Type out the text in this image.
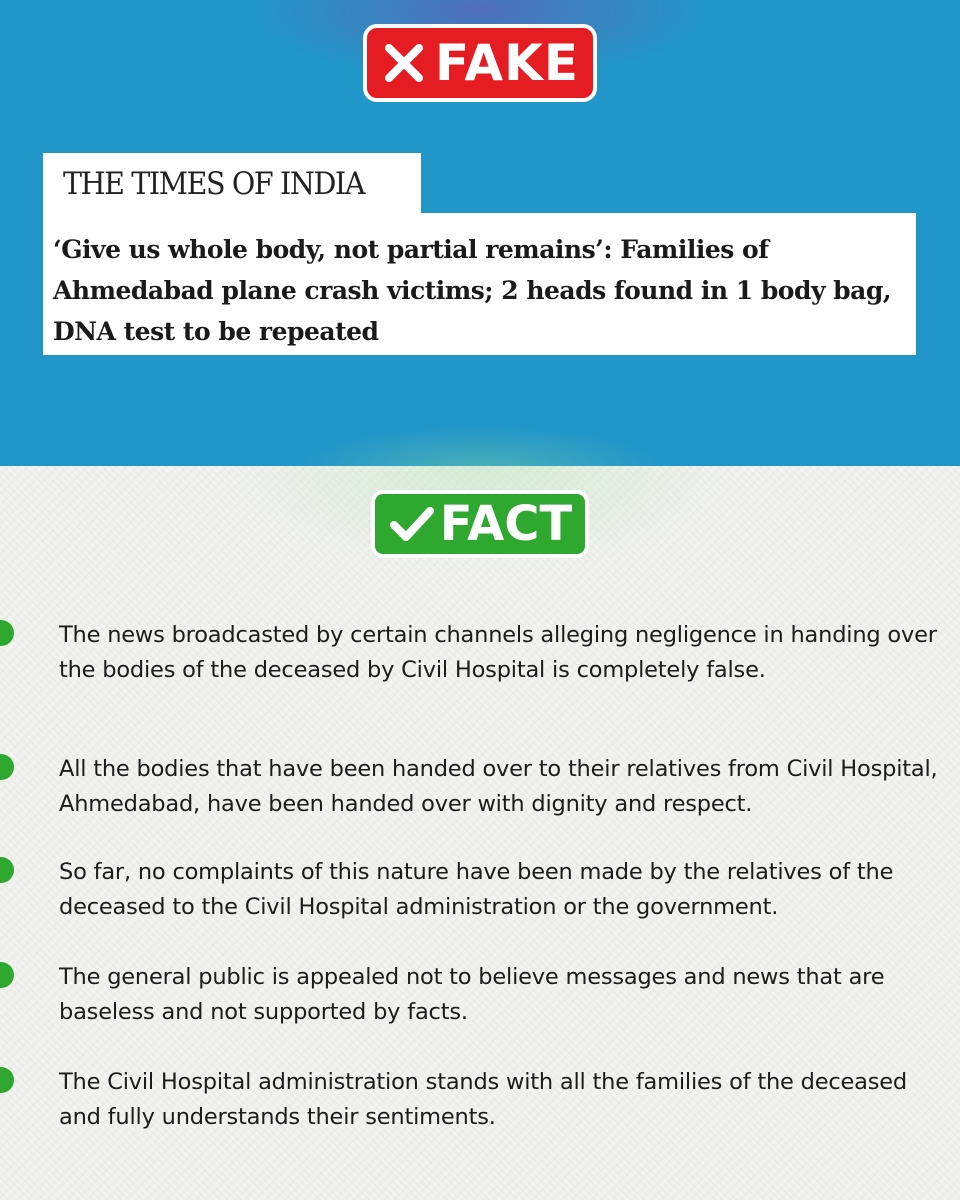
FAKE
THE TIMES OF INDIA

‘Give us whole body, not partial remains’: Families of Ahmedabad plane crash victims; 2 heads found in 1 body bag, DNA test to be repeated

FACT

The news broadcasted by certain channels alleging negligence in handing over the bodies of the deceased by Civil Hospital is completely false.

All the bodies that have been handed over to their relatives from Civil Hospital, Ahmedabad, have been handed over with dignity and respect.

So far, no complaints of this nature have been made by the relatives of the deceased to the Civil Hospital administration or the government.

The general public is appealed not to believe messages and news that are baseless and not supported by facts.

The Civil Hospital administration stands with all the families of the deceased and fully understands their sentiments.
